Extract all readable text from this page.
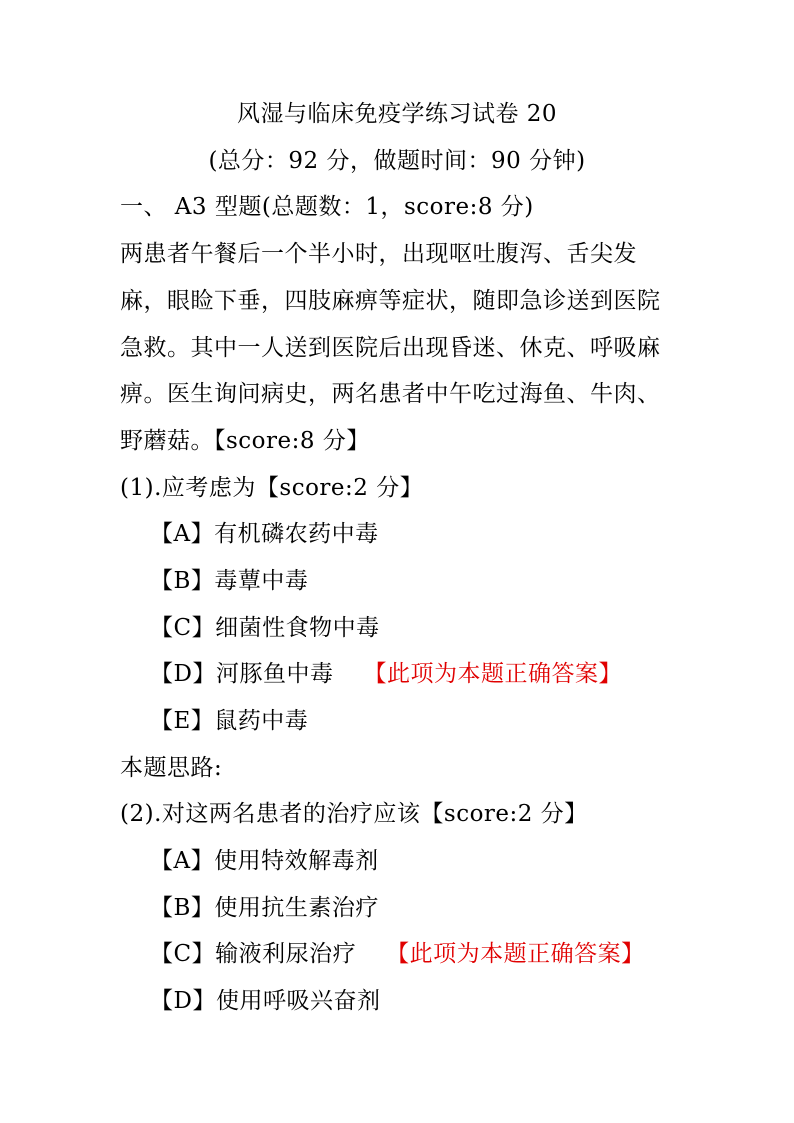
风湿与临床免疫学练习试卷 20
(总分：92 分，做题时间：90 分钟)
一、 A3 型题(总题数：1，score:8 分)
两患者午餐后一个半小时，出现呕吐腹泻、舌尖发
麻，眼睑下垂，四肢麻痹等症状，随即急诊送到医院
急救。其中一人送到医院后出现昏迷、休克、呼吸麻
痹。医生询问病史，两名患者中午吃过海鱼、牛肉、
野蘑菇。【score:8 分】
(1).应考虑为【score:2 分】
【A】有机磷农药中毒
【B】毒蕈中毒
【C】细菌性食物中毒
【D】河豚鱼中毒 【此项为本题正确答案】
【E】鼠药中毒
本题思路:
(2).对这两名患者的治疗应该【score:2 分】
【A】使用特效解毒剂
【B】使用抗生素治疗
【C】输液利尿治疗 【此项为本题正确答案】
【D】使用呼吸兴奋剂
